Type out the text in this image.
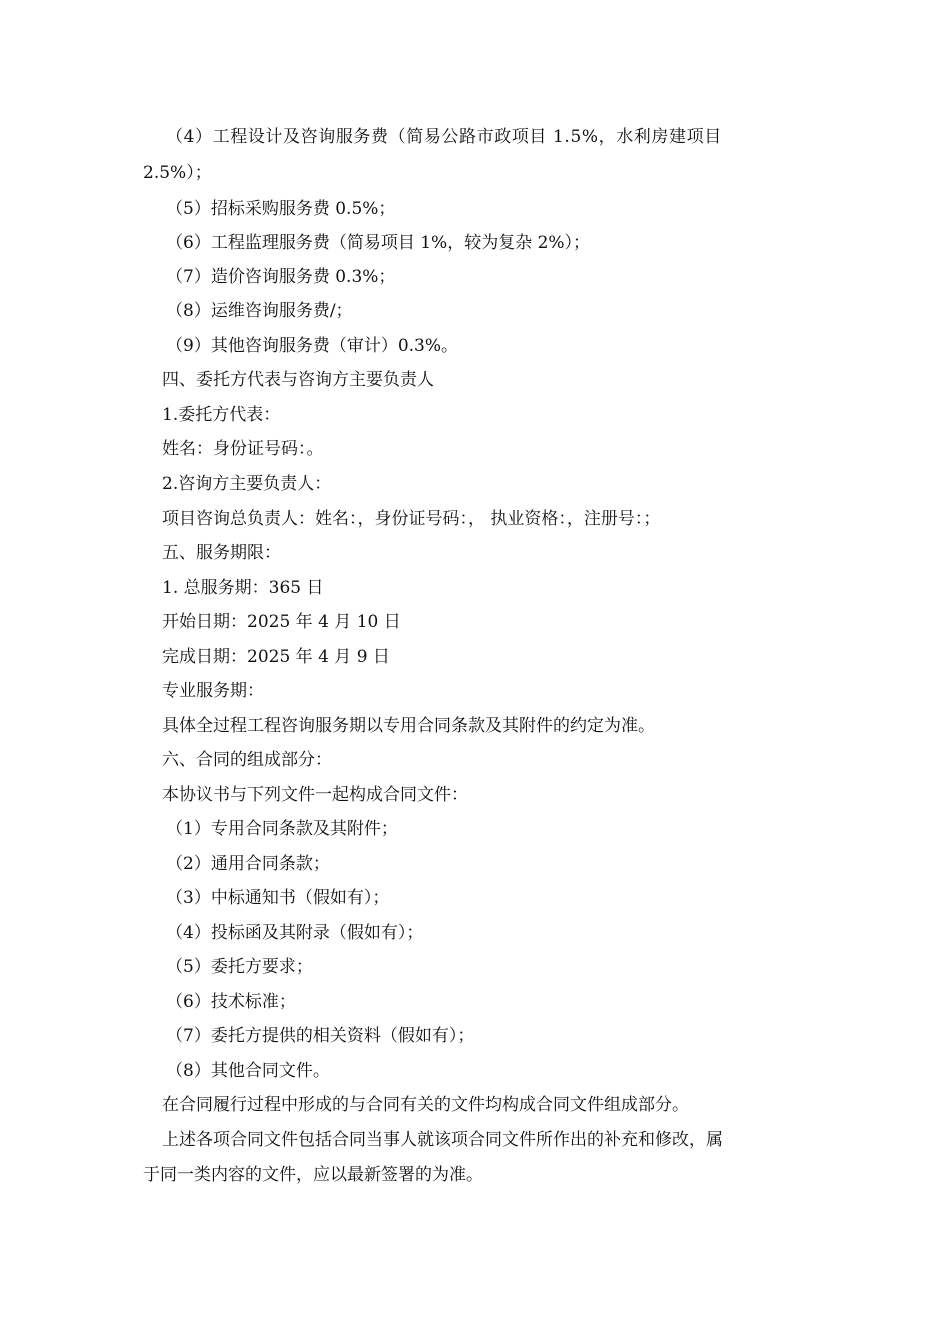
（4）工程设计及咨询服务费（简易公路市政项目 1.5%，水利房建项目
2.5%）；
（5）招标采购服务费 0.5%；
（6）工程监理服务费（简易项目 1%，较为复杂 2%）；
（7）造价咨询服务费 0.3%；
（8）运维咨询服务费/；
（9）其他咨询服务费（审计）0.3%。
四、委托方代表与咨询方主要负责人
1.委托方代表：
姓名：身份证号码：。
2.咨询方主要负责人：
项目咨询总负责人：姓名：，身份证号码：， 执业资格：，注册号：；
五、服务期限：
1. 总服务期：365 日
开始日期：2025 年 4 月 10 日
完成日期：2025 年 4 月 9 日
专业服务期：
具体全过程工程咨询服务期以专用合同条款及其附件的约定为准。
六、合同的组成部分：
本协议书与下列文件一起构成合同文件：
（1）专用合同条款及其附件；
（2）通用合同条款；
（3）中标通知书（假如有）；
（4）投标函及其附录（假如有）；
（5）委托方要求；
（6）技术标准；
（7）委托方提供的相关资料（假如有）；
（8）其他合同文件。
在合同履行过程中形成的与合同有关的文件均构成合同文件组成部分。
上述各项合同文件包括合同当事人就该项合同文件所作出的补充和修改，属
于同一类内容的文件，应以最新签署的为准。
